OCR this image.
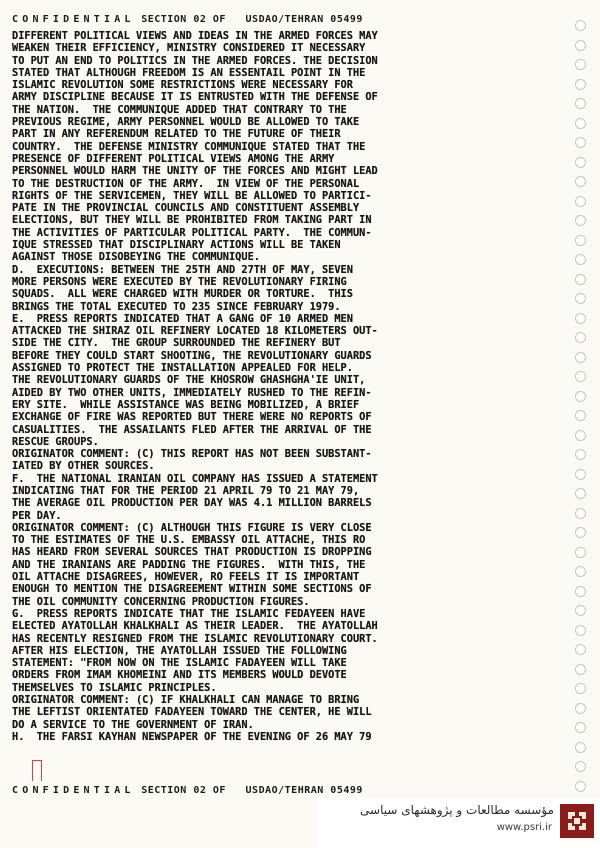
CONFIDENTIAL SECTION 02 OF USDAO/TEHRAN 05499
DIFFERENT POLITICAL VIEWS AND IDEAS IN THE ARMED FORCES MAY
WEAKEN THEIR EFFICIENCY, MINISTRY CONSIDERED IT NECESSARY
TO PUT AN END TO POLITICS IN THE ARMED FORCES. THE DECISION
STATED THAT ALTHOUGH FREEDOM IS AN ESSENTAIL POINT IN THE
ISLAMIC REVOLUTION SOME RESTRICTIONS WERE NECESSARY FOR
ARMY DISCIPLINE BECAUSE IT IS ENTRUSTED WITH THE DEFENSE OF
THE NATION.  THE COMMUNIQUE ADDED THAT CONTRARY TO THE
PREVIOUS REGIME, ARMY PERSONNEL WOULD BE ALLOWED TO TAKE
PART IN ANY REFERENDUM RELATED TO THE FUTURE OF THEIR
COUNTRY.  THE DEFENSE MINISTRY COMMUNIQUE STATED THAT THE
PRESENCE OF DIFFERENT POLITICAL VIEWS AMONG THE ARMY
PERSONNEL WOULD HARM THE UNITY OF THE FORCES AND MIGHT LEAD
TO THE DESTRUCTION OF THE ARMY.  IN VIEW OF THE PERSONAL
RIGHTS OF THE SERVICEMEN, THEY WILL BE ALLOWED TO PARTICI-
PATE IN THE PROVINCIAL COUNCILS AND CONSTITUENT ASSEMBLY
ELECTIONS, BUT THEY WILL BE PROHIBITED FROM TAKING PART IN
THE ACTIVITIES OF PARTICULAR POLITICAL PARTY.  THE COMMUN-
IQUE STRESSED THAT DISCIPLINARY ACTIONS WILL BE TAKEN
AGAINST THOSE DISOBEYING THE COMMUNIQUE.
D.  EXECUTIONS: BETWEEN THE 25TH AND 27TH OF MAY, SEVEN
MORE PERSONS WERE EXECUTED BY THE REVOLUTIONARY FIRING
SQUADS.  ALL WERE CHARGED WITH MURDER OR TORTURE.  THIS
BRINGS THE TOTAL EXECUTED TO 235 SINCE FEBRUARY 1979.
E.  PRESS REPORTS INDICATED THAT A GANG OF 10 ARMED MEN
ATTACKED THE SHIRAZ OIL REFINERY LOCATED 18 KILOMETERS OUT-
SIDE THE CITY.  THE GROUP SURROUNDED THE REFINERY BUT
BEFORE THEY COULD START SHOOTING, THE REVOLUTIONARY GUARDS
ASSIGNED TO PROTECT THE INSTALLATION APPEALED FOR HELP.
THE REVOLUTIONARY GUARDS OF THE KHOSROW GHASHGHA'IE UNIT,
AIDED BY TWO OTHER UNITS, IMMEDIATELY RUSHED TO THE REFIN-
ERY SITE.  WHILE ASSISTANCE WAS BEING MOBILIZED, A BRIEF
EXCHANGE OF FIRE WAS REPORTED BUT THERE WERE NO REPORTS OF
CASUALITIES.  THE ASSAILANTS FLED AFTER THE ARRIVAL OF THE
RESCUE GROUPS.
ORIGINATOR COMMENT: (C) THIS REPORT HAS NOT BEEN SUBSTANT-
IATED BY OTHER SOURCES.
F.  THE NATIONAL IRANIAN OIL COMPANY HAS ISSUED A STATEMENT
INDICATING THAT FOR THE PERIOD 21 APRIL 79 TO 21 MAY 79,
THE AVERAGE OIL PRODUCTION PER DAY WAS 4.1 MILLION BARRELS
PER DAY.
ORIGINATOR COMMENT: (C) ALTHOUGH THIS FIGURE IS VERY CLOSE
TO THE ESTIMATES OF THE U.S. EMBASSY OIL ATTACHE, THIS RO
HAS HEARD FROM SEVERAL SOURCES THAT PRODUCTION IS DROPPING
AND THE IRANIANS ARE PADDING THE FIGURES.  WITH THIS, THE
OIL ATTACHE DISAGREES, HOWEVER, RO FEELS IT IS IMPORTANT
ENOUGH TO MENTION THE DISAGREEMENT WITHIN SOME SECTIONS OF
THE OIL COMMUNITY CONCERNING PRODUCTION FIGURES.
G.  PRESS REPORTS INDICATE THAT THE ISLAMIC FEDAYEEN HAVE
ELECTED AYATOLLAH KHALKHALI AS THEIR LEADER.  THE AYATOLLAH
HAS RECENTLY RESIGNED FROM THE ISLAMIC REVOLUTIONARY COURT.
AFTER HIS ELECTION, THE AYATOLLAH ISSUED THE FOLLOWING
STATEMENT: "FROM NOW ON THE ISLAMIC FADAYEEN WILL TAKE
ORDERS FROM IMAM KHOMEINI AND ITS MEMBERS WOULD DEVOTE
THEMSELVES TO ISLAMIC PRINCIPLES.
ORIGINATOR COMMENT: (C) IF KHALKHALI CAN MANAGE TO BRING
THE LEFTIST ORIENTATED FADAYEEN TOWARD THE CENTER, HE WILL
DO A SERVICE TO THE GOVERNMENT OF IRAN.
H.  THE FARSI KAYHAN NEWSPAPER OF THE EVENING OF 26 MAY 79
CONFIDENTIAL SECTION 02 OF USDAO/TEHRAN 05499
مؤسسه مطالعات و پژوهشهای سیاسی
www.psri.ir
